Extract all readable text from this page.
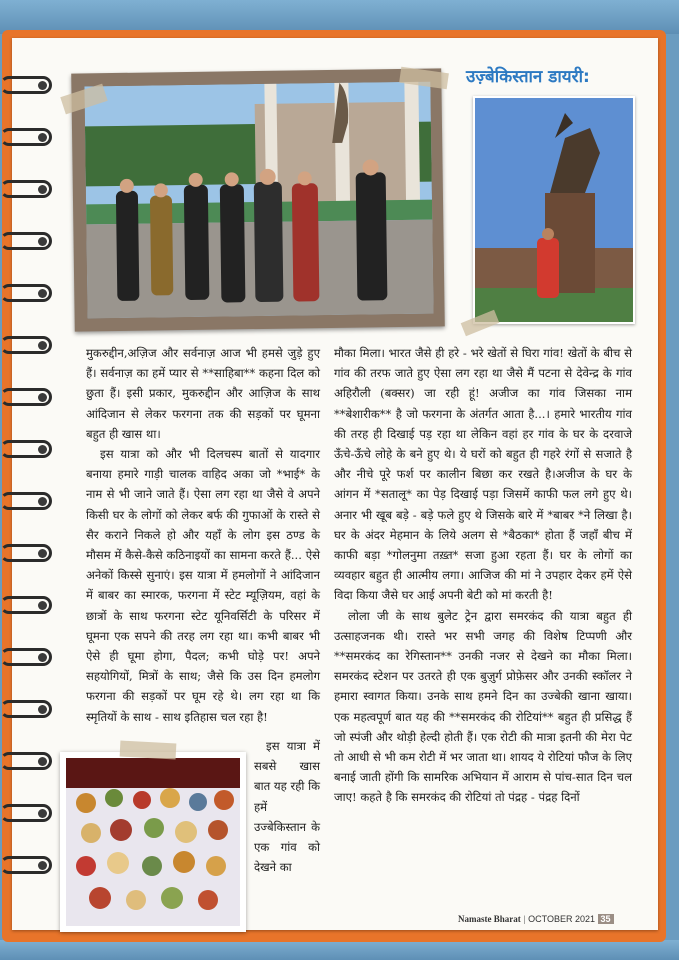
उज़्बेकिस्तान डायरी:

मुकरुद्दीन,अज़िज और सर्वनाज़ आज भी हमसे जुड़े हुए हैं। सर्वनाज़ का हमें प्यार से **साहिबा** कहना दिल को छुता हैं। इसी प्रकार, मुकरुद्दीन और आज़िज के साथ आंदिजान से लेकर फरगना तक की सड़कों पर घूमना बहुत ही खास था।

इस यात्रा को और भी दिलचस्प बातों से यादगार बनाया हमारे गाड़ी चालक वाहिद अका जो *भाई* के नाम से भी जाने जाते हैं। ऐसा लग रहा था जैसे वे अपने किसी घर के लोगों को लेकर बर्फ की गुफाओं के रास्ते से सैर कराने निकले हो और यहाँ के लोग इस ठण्ड के मौसम में कैसे-कैसे कठिनाइयों का सामना करते हैं... ऐसे अनेकों किस्से सुनाएं। इस यात्रा में हमलोगों ने आंदिजान में बाबर का स्मारक, फरगना में स्टेट म्यूज़ियम, वहां के छात्रों के साथ फरगना स्टेट यूनिवर्सिटी के परिसर में घूमना एक सपने की तरह लग रहा था। कभी बाबर भी ऐसे ही घूमा होगा, पैदल; कभी घोड़े पर! अपने सहयोगियों, मित्रों के साथ; जैसे कि उस दिन हमलोग फरगना की सड़कों पर घूम रहे थे। लग रहा था कि स्मृतियों के साथ - साथ इतिहास चल रहा है!

इस यात्रा में सबसे खास बात यह रही कि हमें उज्बेकिस्तान के एक गांव को देखने का

मौका मिला। भारत जैसे ही हरे - भरे खेतों से घिरा गांव! खेतों के बीच से गांव की तरफ जाते हुए ऐसा लग रहा था जैसे मैं पटना से देवेन्द्र के गांव अहिरौली (बक्सर) जा रही हूं! अजीज का गांव जिसका नाम **बेशारीक** है जो फरगना के अंतर्गत आता है...। हमारे भारतीय गांव की तरह ही दिखाई पड़ रहा था लेकिन वहां हर गांव के घर के दरवाजे ऊँचे-ऊँचे लोहे के बने हुए थे। ये घरों को बहुत ही गहरे रंगों से सजाते है और नीचे पूरे फर्श पर कालीन बिछा कर रखते है।अजीज के घर के आंगन में *सतालू* का पेड़ दिखाई पड़ा जिसमें काफी फल लगे हुए थे। अनार भी खूब बड़े - बड़े फले हुए थे जिसके बारे में *बाबर *ने लिखा है। घर के अंदर मेहमान के लिये अलग से *बैठका* होता हैं जहाँ बीच में काफी बड़ा *गोलनुमा तख़्त* सजा हुआ रहता हैं। घर के लोगों का व्यवहार बहुत ही आत्मीय लगा। आजिज की मां ने उपहार देकर हमें ऐसे विदा किया जैसे घर आई अपनी बेटी को मां करती है!

लोला जी के साथ बुलेट ट्रेन द्वारा समरकंद की यात्रा बहुत ही उत्साहजनक थी। रास्ते भर सभी जगह की विशेष टिप्पणी और **समरकंद का रेगिस्तान** उनकी नजर से देखने का मौका मिला। समरकंद स्टेशन पर उतरते ही एक बुज़ुर्ग प्रोफ़ेसर और उनकी स्कॉलर ने हमारा स्वागत किया। उनके साथ हमने दिन का उज्बेकी खाना खाया। एक महत्वपूर्ण बात यह की **समरकंद की रोटियां** बहुत ही प्रसिद्ध हैं जो स्पंजी और थोड़ी हेल्दी होती हैं। एक रोटी की मात्रा इतनी की मेरा पेट तो आधी से भी कम रोटी में भर जाता था। शायद ये रोटियां फौज के लिए बनाई जाती होंगी कि सामरिक अभियान में आराम से पांच-सात दिन चल जाए! कहते है कि समरकंद की रोटियां तो पंद्रह - पंद्रह दिनों

Namaste Bharat | OCTOBER 2021 35
